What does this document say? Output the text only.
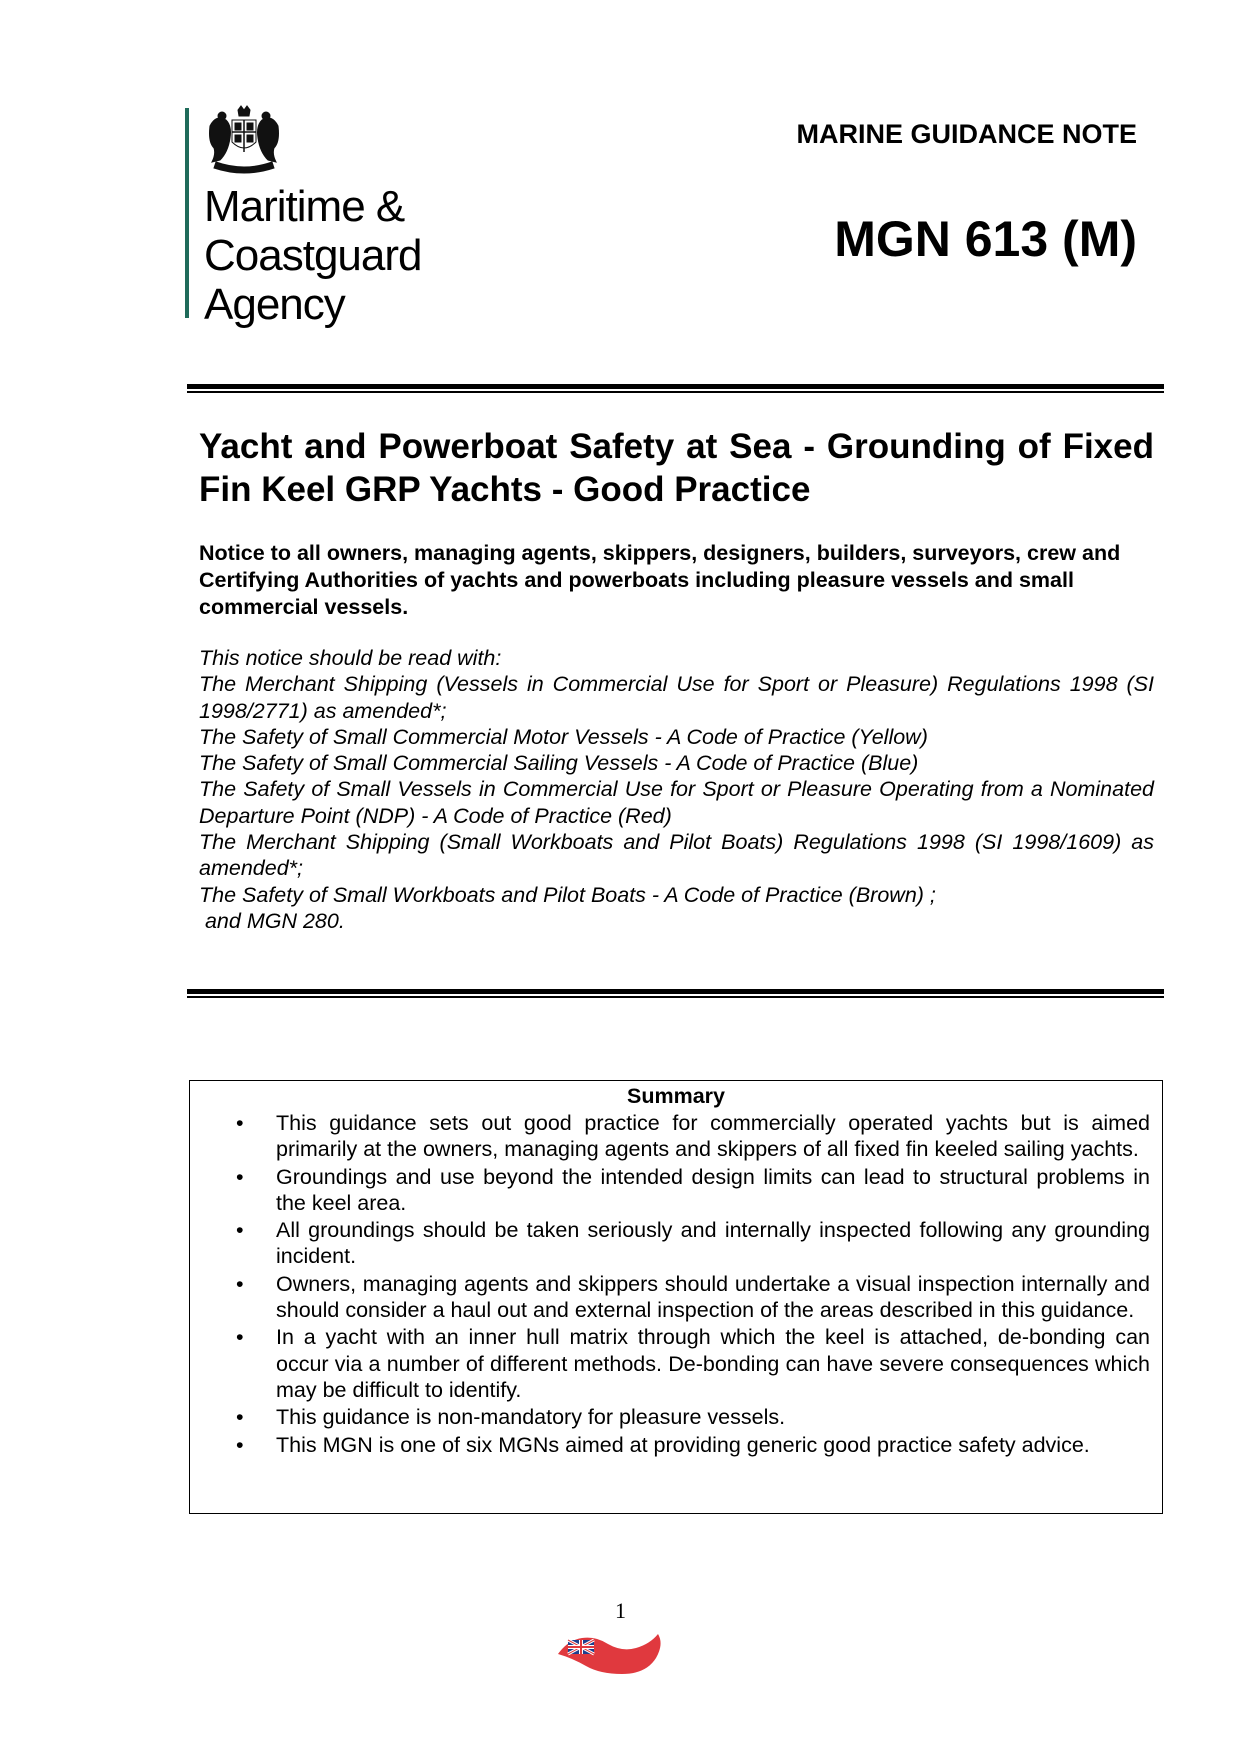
Maritime &
Coastguard
Agency
MARINE GUIDANCE NOTE
MGN 613 (M)
Yacht and Powerboat Safety at Sea - Grounding of Fixed Fin Keel GRP Yachts - Good Practice
Notice to all owners, managing agents, skippers, designers, builders, surveyors, crew and Certifying Authorities of yachts and powerboats including pleasure vessels and small commercial vessels.
This notice should be read with:
The Merchant Shipping (Vessels in Commercial Use for Sport or Pleasure) Regulations 1998 (SI 1998/2771) as amended*;
The Safety of Small Commercial Motor Vessels - A Code of Practice (Yellow)
The Safety of Small Commercial Sailing Vessels - A Code of Practice (Blue)
The Safety of Small Vessels in Commercial Use for Sport or Pleasure Operating from a Nominated Departure Point (NDP) - A Code of Practice (Red)
The Merchant Shipping (Small Workboats and Pilot Boats) Regulations 1998 (SI 1998/1609) as amended*;
The Safety of Small Workboats and Pilot Boats - A Code of Practice (Brown) ;
and MGN 280.
Summary
• This guidance sets out good practice for commercially operated yachts but is aimed primarily at the owners, managing agents and skippers of all fixed fin keeled sailing yachts.
• Groundings and use beyond the intended design limits can lead to structural problems in the keel area.
• All groundings should be taken seriously and internally inspected following any grounding incident.
• Owners, managing agents and skippers should undertake a visual inspection internally and should consider a haul out and external inspection of the areas described in this guidance.
• In a yacht with an inner hull matrix through which the keel is attached, de-bonding can occur via a number of different methods. De-bonding can have severe consequences which may be difficult to identify.
• This guidance is non-mandatory for pleasure vessels.
• This MGN is one of six MGNs aimed at providing generic good practice safety advice.
1
